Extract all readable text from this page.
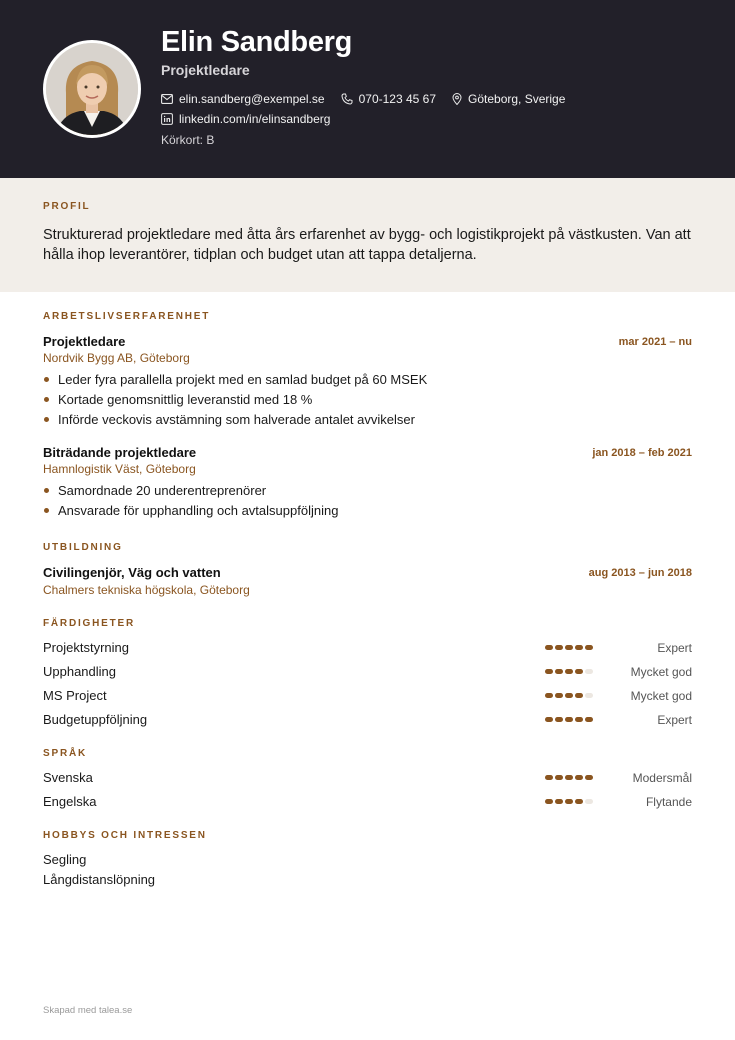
Elin Sandberg
Projektledare
elin.sandberg@exempel.se	070-123 45 67	Göteborg, Sverige
linkedin.com/in/elinsandberg
Körkort: B
PROFIL
Strukturerad projektledare med åtta års erfarenhet av bygg- och logistikprojekt på västkusten. Van att hålla ihop leverantörer, tidplan och budget utan att tappa detaljerna.
ARBETSLIVSERFARENHET
Projektledare	mar 2021 – nu
Nordvik Bygg AB, Göteborg
Leder fyra parallella projekt med en samlad budget på 60 MSEK
Kortade genomsnittlig leveranstid med 18 %
Införde veckovis avstämning som halverade antalet avvikelser
Biträdande projektledare	jan 2018 – feb 2021
Hamnlogistik Väst, Göteborg
Samordnade 20 underentreprenörer
Ansvarade för upphandling och avtalsuppföljning
UTBILDNING
Civilingenjör, Väg och vatten	aug 2013 – jun 2018
Chalmers tekniska högskola, Göteborg
FÄRDIGHETER
Projektstyrning	Expert
Upphandling	Mycket god
MS Project	Mycket god
Budgetuppföljning	Expert
SPRÅK
Svenska	Modersmål
Engelska	Flytande
HOBBYS OCH INTRESSEN
Segling
Långdistanslöpning
Skapad med talea.se
